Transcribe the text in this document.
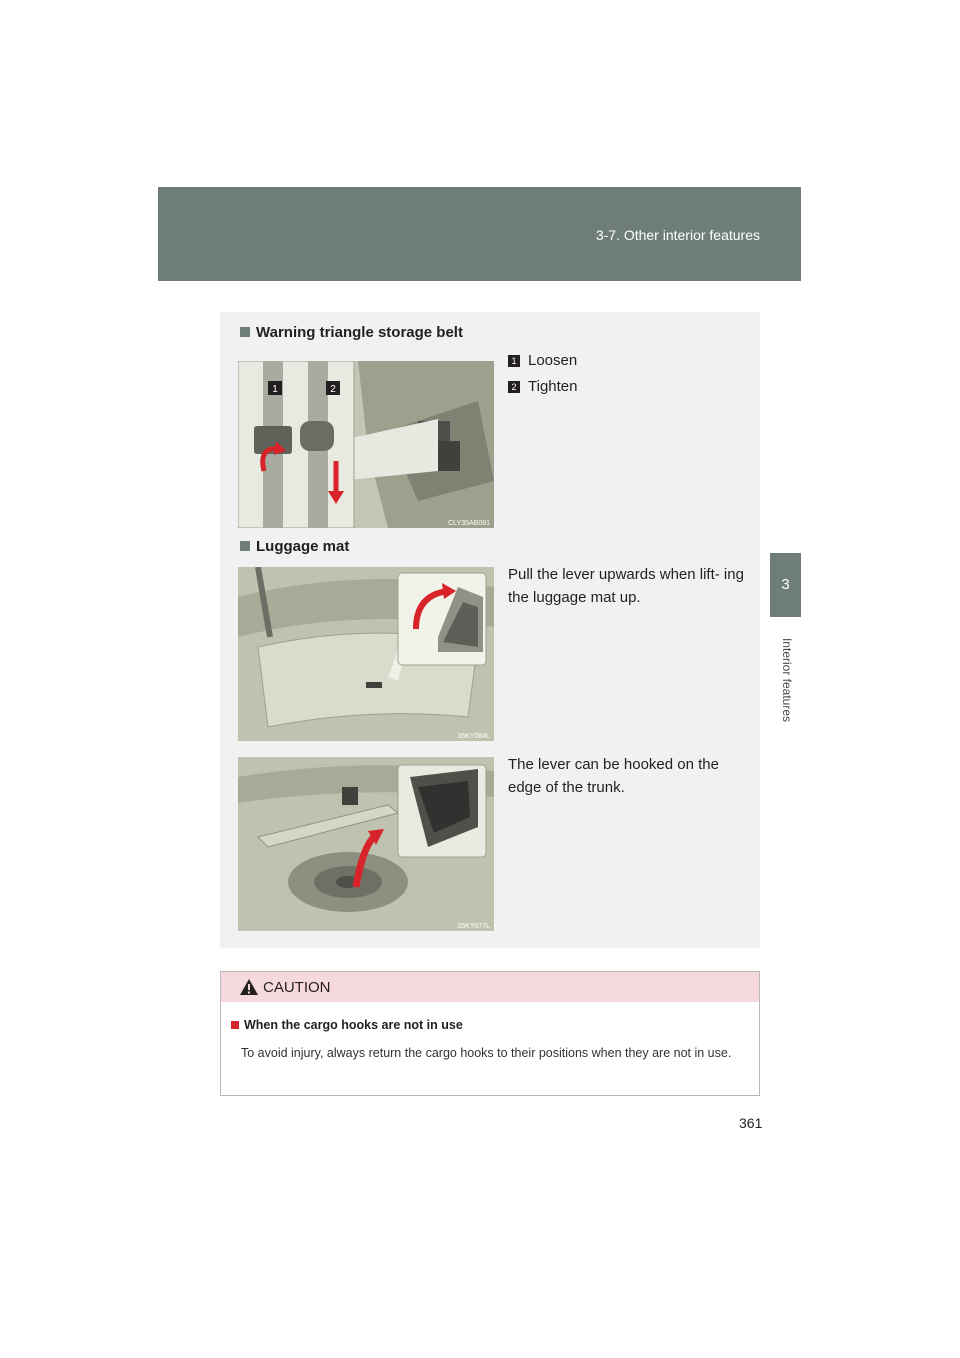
3-7. Other interior features
3
Interior features
Warning triangle storage belt
1 Loosen
2 Tighten
1	2
CLY35AB081
Luggage mat
Pull the lever upwards when lift- ing the luggage mat up.
35KY084L
The lever can be hooked on the edge of the trunk.
35KY077L
CAUTION
When the cargo hooks are not in use
To avoid injury, always return the cargo hooks to their positions when they are not in use.
361
